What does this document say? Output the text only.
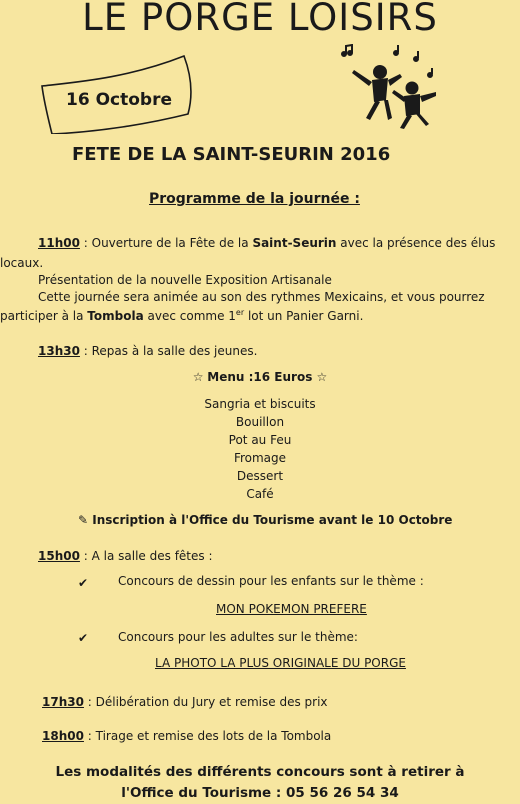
LE PORGE LOISIRS
16 Octobre
FETE DE LA SAINT-SEURIN 2016
Programme de la journée :
11h00 : Ouverture de la Fête de la Saint-Seurin avec la présence des élus
locaux.
Présentation de la nouvelle Exposition Artisanale
Cette journée sera animée au son des rythmes Mexicains, et vous pourrez
participer à la Tombola avec comme 1er lot un Panier Garni.
13h30 : Repas à la salle des jeunes.
☆ Menu :16 Euros ☆
Sangria et biscuits
Bouillon
Pot au Feu
Fromage
Dessert
Café
✎ Inscription à l'Office du Tourisme avant le 10 Octobre
15h00 : A la salle des fêtes :
✔ Concours de dessin pour les enfants sur le thème :
MON POKEMON PREFERE
✔ Concours pour les adultes sur le thème:
LA PHOTO LA PLUS ORIGINALE DU PORGE
17h30 : Délibération du Jury et remise des prix
18h00 : Tirage et remise des lots de la Tombola
Les modalités des différents concours sont à retirer à
l'Office du Tourisme : 05 56 26 54 34
